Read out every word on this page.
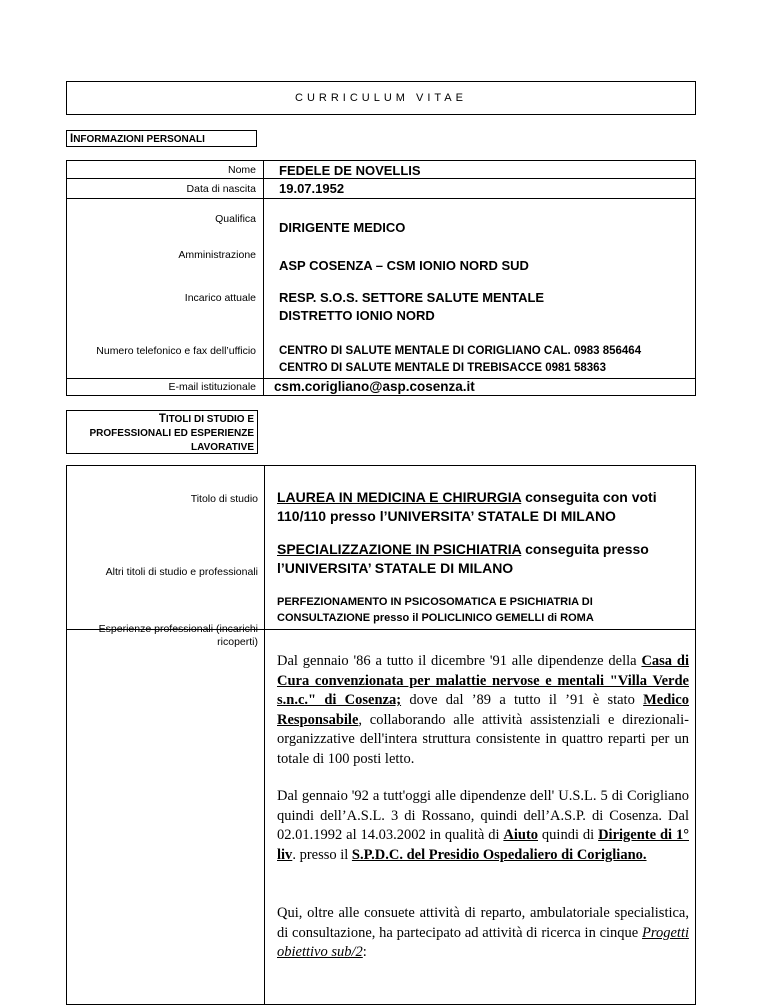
CURRICULUM VITAE
INFORMAZIONI PERSONALI
Nome FEDELE DE NOVELLIS
Data di nascita 19.07.1952
Qualifica
DIRIGENTE MEDICO
Amministrazione
ASP COSENZA – CSM IONIO NORD SUD
Incarico attuale RESP. S.O.S. SETTORE SALUTE MENTALE
DISTRETTO IONIO NORD
Numero telefonico e fax dell’ufficio CENTRO DI SALUTE MENTALE DI CORIGLIANO CAL. 0983 856464
CENTRO DI SALUTE MENTALE DI TREBISACCE 0981 58363
E-mail istituzionale csm.corigliano@asp.cosenza.it
TITOLI DI STUDIO E
PROFESSIONALI ED ESPERIENZE
LAVORATIVE
Titolo di studio LAUREA IN MEDICINA E CHIRURGIA conseguita con voti
110/110 presso l’UNIVERSITA’ STATALE DI MILANO
Altri titoli di studio e professionali
SPECIALIZZAZIONE IN PSICHIATRIA conseguita presso
l’UNIVERSITA’ STATALE DI MILANO
PERFEZIONAMENTO IN PSICOSOMATICA E PSICHIATRIA DI
CONSULTAZIONE presso il POLICLINICO GEMELLI di ROMA
Esperienze professionali (incarichi
ricoperti)
Dal gennaio '86 a tutto il dicembre '91 alle dipendenze della Casa di Cura convenzionata per malattie nervose e mentali "Villa Verde s.n.c." di Cosenza; dove dal ’89 a tutto il ’91 è stato Medico Responsabile, collaborando alle attività assistenziali e direzionali-organizzative dell'intera struttura consistente in quattro reparti per un totale di 100 posti letto.
Dal gennaio '92 a tutt'oggi alle dipendenze dell' U.S.L. 5 di Corigliano quindi dell’A.S.L. 3 di Rossano, quindi dell’A.S.P. di Cosenza. Dal 02.01.1992 al 14.03.2002 in qualità di Aiuto quindi di Dirigente di 1° liv. presso il S.P.D.C. del Presidio Ospedaliero di Corigliano.
Qui, oltre alle consuete attività di reparto, ambulatoriale specialistica, di consultazione, ha partecipato ad attività di ricerca in cinque Progetti obiettivo sub/2:
